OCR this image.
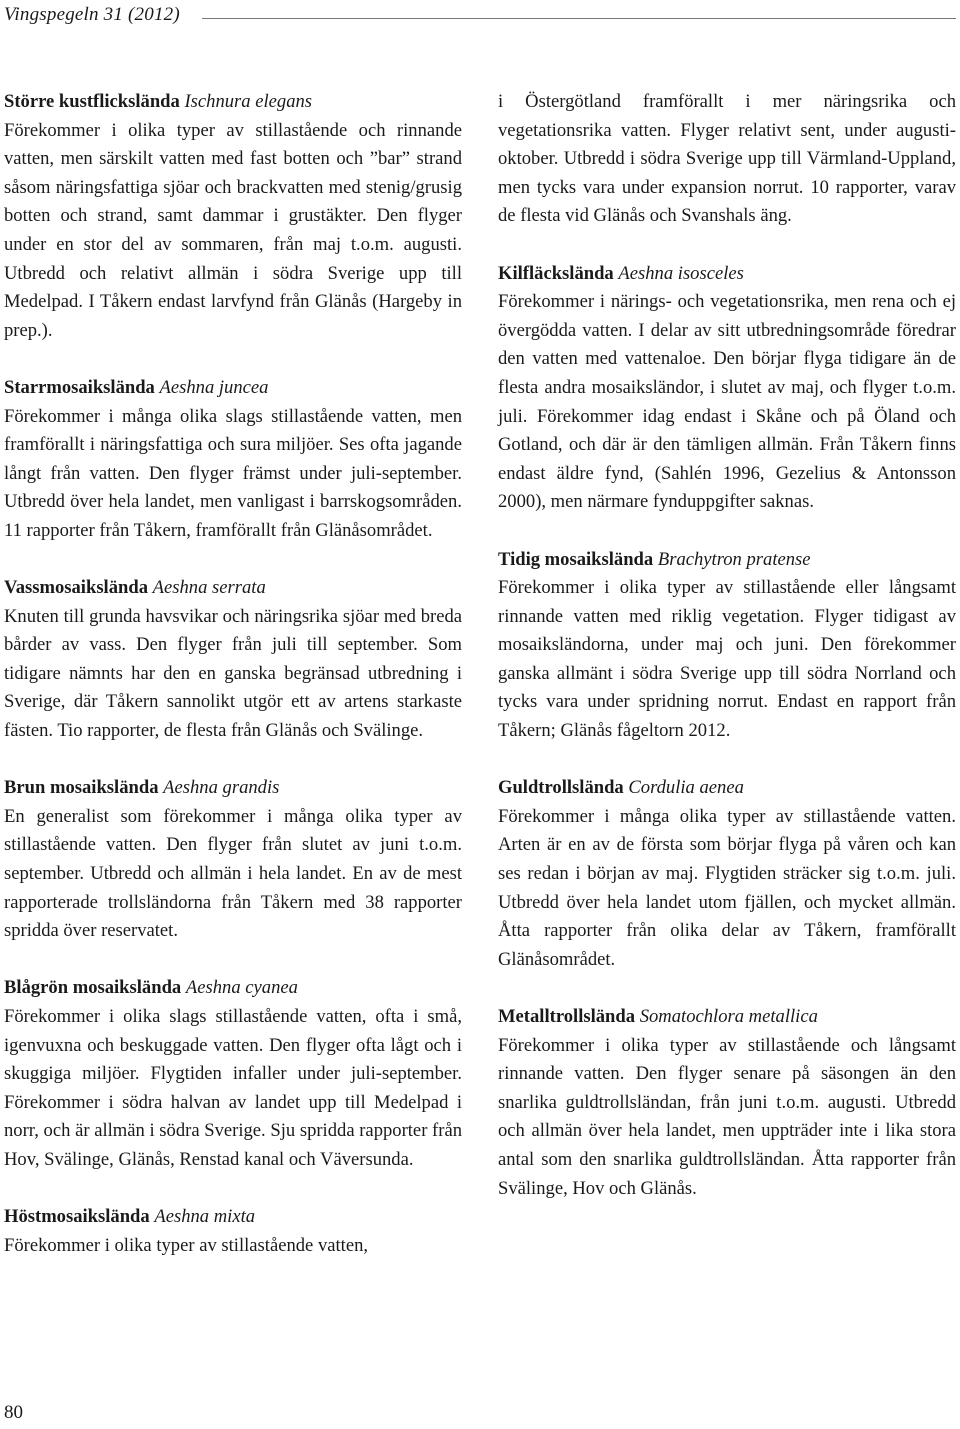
Vingspegeln 31 (2012)

Större kustflickslända Ischnura elegans

Förekommer i olika typer av stillastående och rinnande vatten, men särskilt vatten med fast botten och ”bar” strand såsom näringsfattiga sjöar och brackvatten med stenig/grusig botten och strand, samt dammar i grustäkter. Den flyger under en stor del av sommaren, från maj t.o.m. augusti. Utbredd och relativt allmän i södra Sverige upp till Medelpad. I Tåkern endast larvfynd från Glänås (Hargeby in prep.).

Starrmosaikslända Aeshna juncea

Förekommer i många olika slags stillastående vatten, men framförallt i näringsfattiga och sura miljöer. Ses ofta jagande långt från vatten. Den flyger främst under juli-september. Utbredd över hela landet, men vanligast i barrskogsområden. 11 rapporter från Tåkern, framförallt från Glänåsområdet.

Vassmosaikslända Aeshna serrata

Knuten till grunda havsvikar och näringsrika sjöar med breda bårder av vass. Den flyger från juli till september. Som tidigare nämnts har den en ganska begränsad utbredning i Sverige, där Tåkern sannolikt utgör ett av artens starkaste fästen. Tio rapporter, de flesta från Glänås och Svälinge.

Brun mosaikslända Aeshna grandis

En generalist som förekommer i många olika typer av stillastående vatten. Den flyger från slutet av juni t.o.m. september. Utbredd och allmän i hela landet. En av de mest rapporterade trollsländorna från Tåkern med 38 rapporter spridda över reservatet.

Blågrön mosaikslända Aeshna cyanea

Förekommer i olika slags stillastående vatten, ofta i små, igenvuxna och beskuggade vatten. Den flyger ofta lågt och i skuggiga miljöer. Flygtiden infaller under juli-september. Förekommer i södra halvan av landet upp till Medelpad i norr, och är allmän i södra Sverige. Sju spridda rapporter från Hov, Svälinge, Glänås, Renstad kanal och Väversunda.

Höstmosaikslända Aeshna mixta

Förekommer i olika typer av stillastående vatten,

i Östergötland framförallt i mer näringsrika och vegetationsrika vatten. Flyger relativt sent, under augusti-oktober. Utbredd i södra Sverige upp till Värmland-Uppland, men tycks vara under expansion norrut. 10 rapporter, varav de flesta vid Glänås och Svanshals äng.

Kilfläckslända Aeshna isosceles

Förekommer i närings- och vegetationsrika, men rena och ej övergödda vatten. I delar av sitt utbredningsområde föredrar den vatten med vattenaloe. Den börjar flyga tidigare än de flesta andra mosaiksländor, i slutet av maj, och flyger t.o.m. juli. Förekommer idag endast i Skåne och på Öland och Gotland, och där är den tämligen allmän. Från Tåkern finns endast äldre fynd, (Sahlén 1996, Gezelius & Antonsson 2000), men närmare fynduppgifter saknas.

Tidig mosaikslända Brachytron pratense

Förekommer i olika typer av stillastående eller långsamt rinnande vatten med riklig vegetation. Flyger tidigast av mosaiksländorna, under maj och juni. Den förekommer ganska allmänt i södra Sverige upp till södra Norrland och tycks vara under spridning norrut. Endast en rapport från Tåkern; Glänås fågeltorn 2012.

Guldtrollslända Cordulia aenea

Förekommer i många olika typer av stillastående vatten. Arten är en av de första som börjar flyga på våren och kan ses redan i början av maj. Flygtiden sträcker sig t.o.m. juli. Utbredd över hela landet utom fjällen, och mycket allmän. Åtta rapporter från olika delar av Tåkern, framförallt Glänåsområdet.

Metalltrollslända Somatochlora metallica

Förekommer i olika typer av stillastående och långsamt rinnande vatten. Den flyger senare på säsongen än den snarlika guldtrollsländan, från juni t.o.m. augusti. Utbredd och allmän över hela landet, men uppträder inte i lika stora antal som den snarlika guldtrollsländan. Åtta rapporter från Svälinge, Hov och Glänås.

80
